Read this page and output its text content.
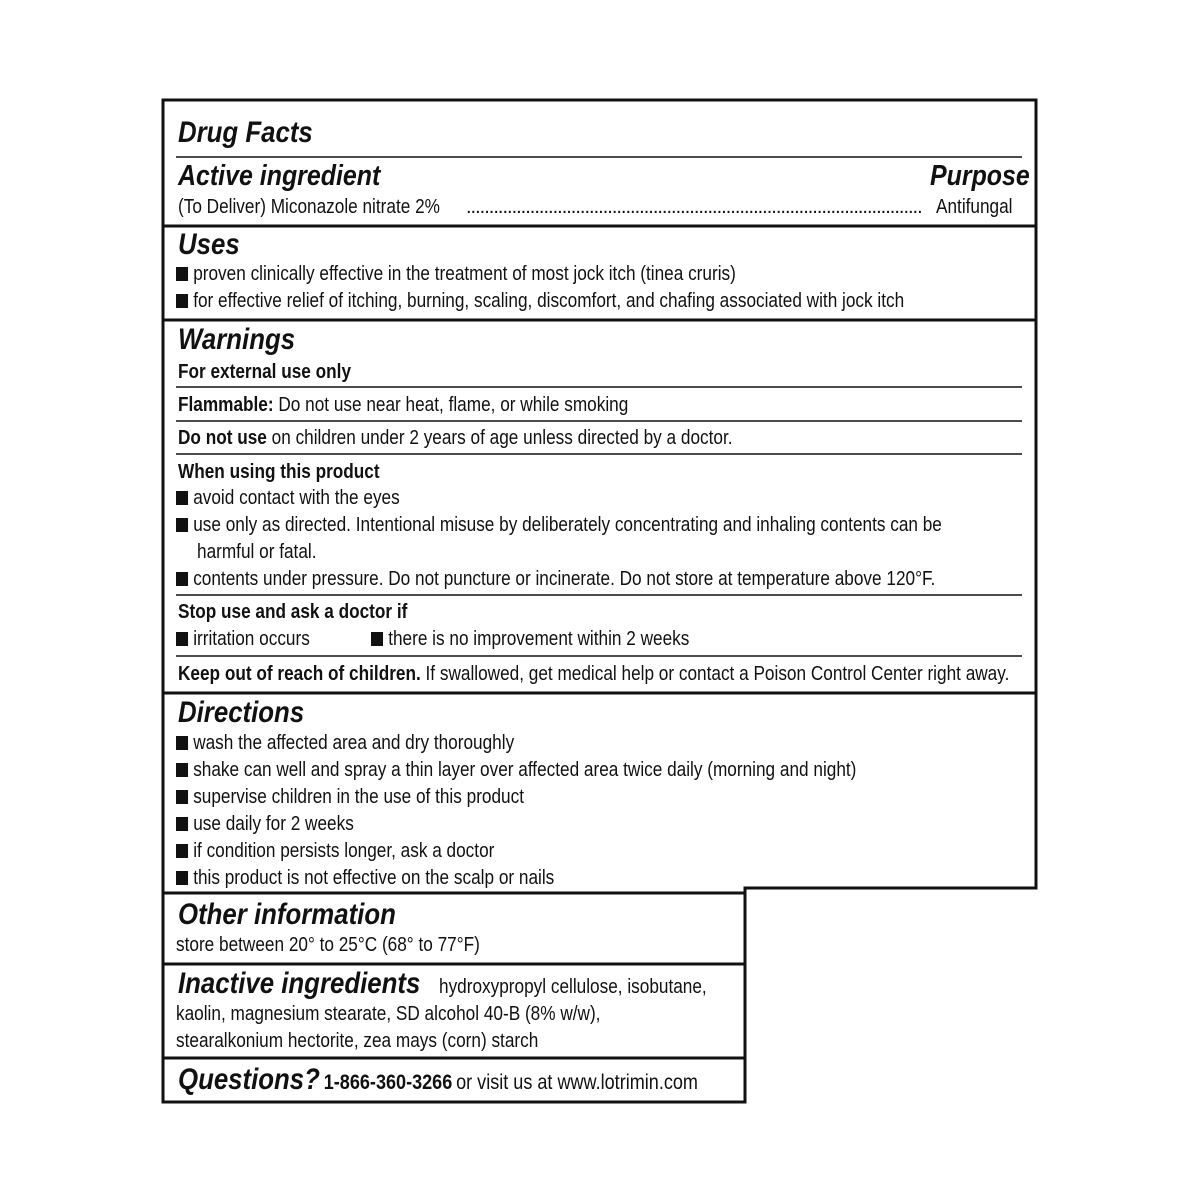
Drug Facts
Active ingredient	Purpose
(To Deliver) Miconazole nitrate 2% .................................................................................................... Antifungal
Uses
proven clinically effective in the treatment of most jock itch (tinea cruris)
for effective relief of itching, burning, scaling, discomfort, and chafing associated with jock itch
Warnings
For external use only
Flammable: Do not use near heat, flame, or while smoking
Do not use on children under 2 years of age unless directed by a doctor.
When using this product
avoid contact with the eyes
use only as directed. Intentional misuse by deliberately concentrating and inhaling contents can be
harmful or fatal.
contents under pressure. Do not puncture or incinerate. Do not store at temperature above 120°F.
Stop use and ask a doctor if
irritation occurs	there is no improvement within 2 weeks
Keep out of reach of children. If swallowed, get medical help or contact a Poison Control Center right away.
Directions
wash the affected area and dry thoroughly
shake can well and spray a thin layer over affected area twice daily (morning and night)
supervise children in the use of this product
use daily for 2 weeks
if condition persists longer, ask a doctor
this product is not effective on the scalp or nails
Other information
store between 20° to 25°C (68° to 77°F)
Inactive ingredients hydroxypropyl cellulose, isobutane,
kaolin, magnesium stearate, SD alcohol 40-B (8% w/w),
stearalkonium hectorite, zea mays (corn) starch
Questions? 1-866-360-3266 or visit us at www.lotrimin.com
